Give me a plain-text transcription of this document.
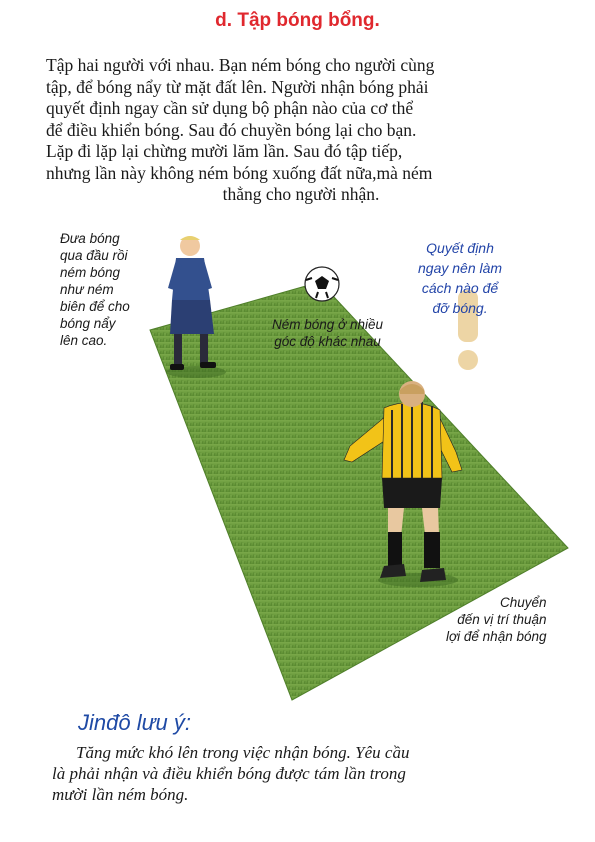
d. Tập bóng bổng.
Tập hai người với nhau. Bạn ném bóng cho người cùng
tập, để bóng nẩy từ mặt đất lên. Người nhận bóng phải
quyết định ngay cần sử dụng bộ phận nào của cơ thể
để điều khiển bóng. Sau đó chuyền bóng lại cho bạn.
Lặp đi lặp lại chừng mười lăm lần. Sau đó tập tiếp,
nhưng lần này không ném bóng xuống đất nữa,mà ném
thẳng cho người nhận.
Đưa bóng
qua đầu rồi
ném bóng
như ném
biên để cho
bóng nẩy
lên cao.
Ném bóng ở nhiều
góc độ khác nhau
Quyết định
ngay nên làm
cách nào để
đỡ bóng.
Chuyển
đến vị trí thuận
lợi để nhận bóng
Jinđô lưu ý:
Tăng mức khó lên trong việc nhận bóng. Yêu cầu
là phải nhận và điều khiển bóng được tám lần trong
mười lần ném bóng.
